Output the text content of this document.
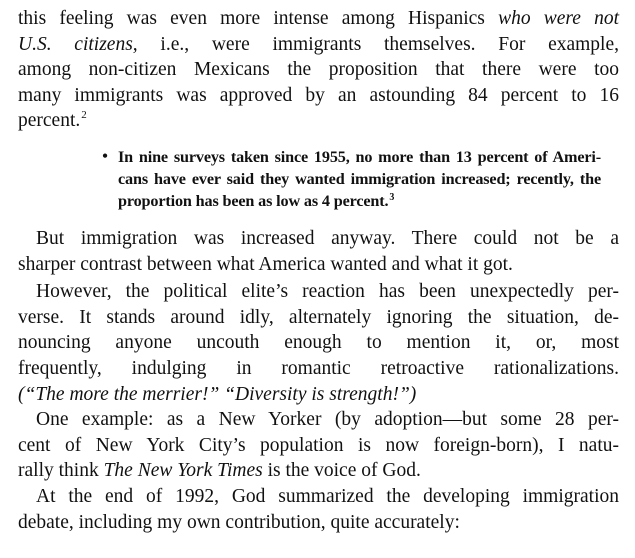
this feeling was even more intense among Hispanics who were not
U.S. citizens, i.e., were immigrants themselves. For example,
among non-citizen Mexicans the proposition that there were too
many immigrants was approved by an astounding 84 percent to 16
percent.$^2$
• In nine surveys taken since 1955, no more than 13 percent of Ameri-
cans have ever said they wanted immigration increased; recently, the
proportion has been as low as 4 percent.$^3$
But immigration was increased anyway. There could not be a
sharper contrast between what America wanted and what it got.
However, the political elite’s reaction has been unexpectedly per-
verse. It stands around idly, alternately ignoring the situation, de-
nouncing anyone uncouth enough to mention it, or, most
frequently, indulging in romantic retroactive rationalizations.
(“The more the merrier!” “Diversity is strength!”)
One example: as a New Yorker (by adoption—but some 28 per-
cent of New York City’s population is now foreign-born), I natu-
rally think The New York Times is the voice of God.
At the end of 1992, God summarized the developing immigration
debate, including my own contribution, quite accurately:
